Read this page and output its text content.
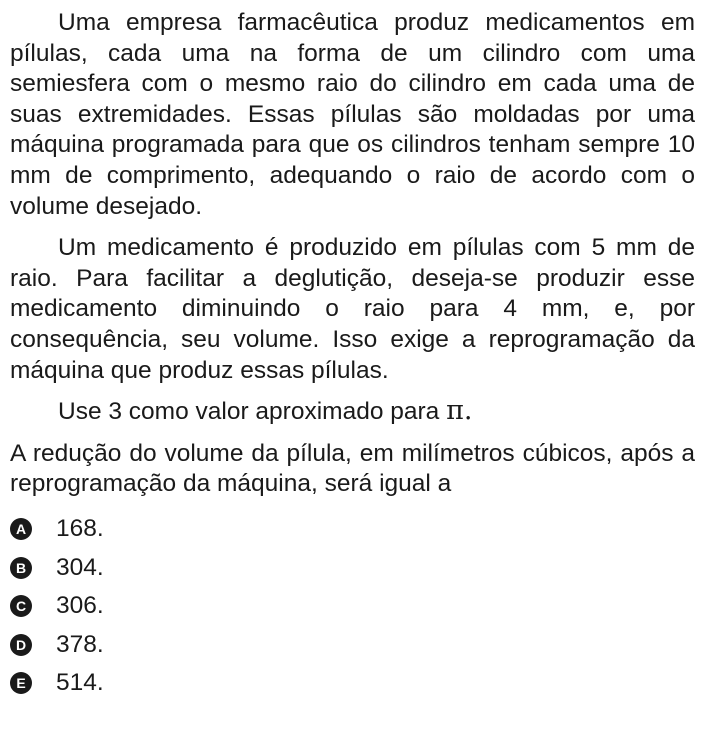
Uma empresa farmacêutica produz medicamentos em pílulas, cada uma na forma de um cilindro com uma semiesfera com o mesmo raio do cilindro em cada uma de suas extremidades. Essas pílulas são moldadas por uma máquina programada para que os cilindros tenham sempre 10 mm de comprimento, adequando o raio de acordo com o volume desejado.

Um medicamento é produzido em pílulas com 5 mm de raio. Para facilitar a deglutição, deseja-se produzir esse medicamento diminuindo o raio para 4 mm, e, por consequência, seu volume. Isso exige a reprogramação da máquina que produz essas pílulas.

Use 3 como valor aproximado para π.

A redução do volume da pílula, em milímetros cúbicos, após a reprogramação da máquina, será igual a

A 168.
B 304.
C 306.
D 378.
E 514.
